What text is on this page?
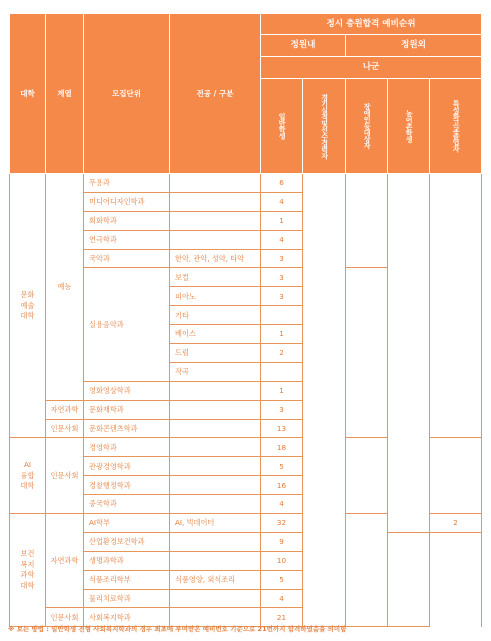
대학	계열	모집단위	전공 / 구분	정시 충원합격 예비순위					
				정원내		정원외			
				나군					

				일반학생	경기실적및선수경력자	장애인등대상자	농어촌학생	특성화고교졸업자	

문화
예술
대학	예능	무용과		6					
		미디어디자인학과		4					
		회화학과		1					
		연극학과		4					
		국악과	한악, 관악, 성악, 타악	3					
		실용음악과	보컬	3					
			피아노	3					
			기타						
			베이스	1					
			드럼	2					
			작곡						
		영화영상학과		1					
	자연과학	문화재학과		3					
	인문사회	문화콘텐츠학과		13					
AI
융합
대학	인문사회	경영학과		18					
		관광경영학과		5					
		경찰행정학과		16					
		중국학과		4					
보건
복지
과학
대학	자연과학	AI학부	AI, 빅데이터	32				2	
		산업환경보건학과		9					
		생명과학과		10					
		식품조리학부	식품영양, 외식조리	5					
		물리치료학과		4					
	인문사회	사회복지학과		21					
※ 보는 방법 : 일반학생 전형 사회복지학과의 경우 최초에 부여받은 예비번호 기준으로 21번까지 합격하였음을 의미함
